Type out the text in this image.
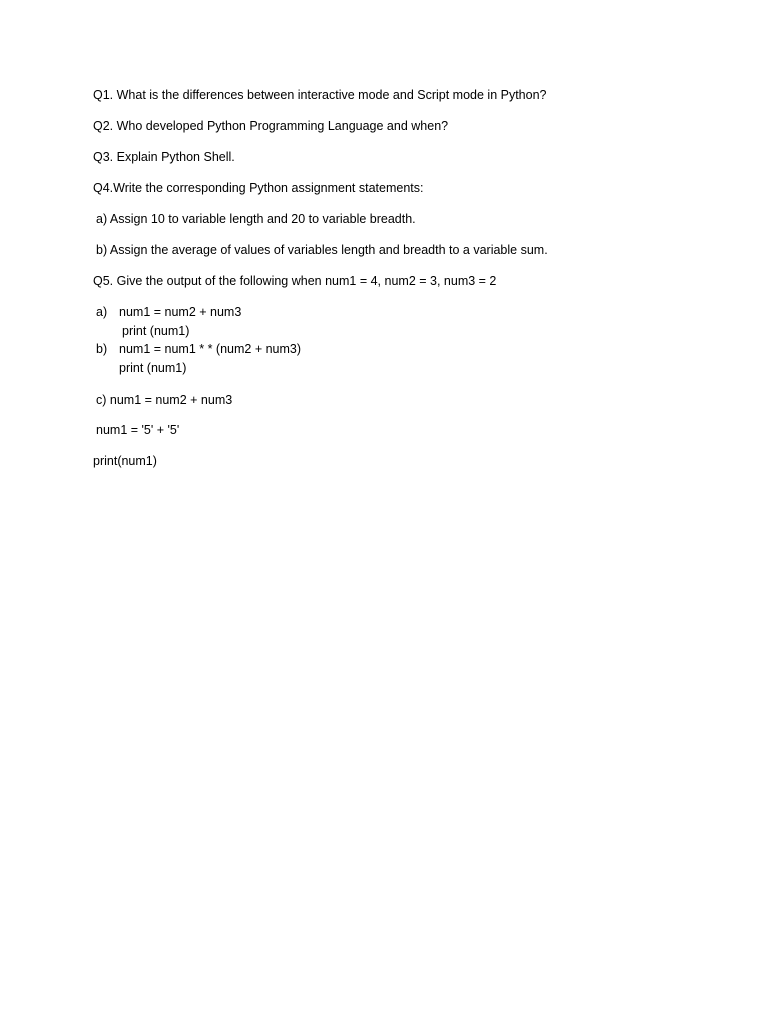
Q1. What is the differences between interactive mode and Script mode in Python?
Q2. Who developed Python Programming Language and when?
Q3. Explain Python Shell.
Q4.Write the corresponding Python assignment statements:
a) Assign 10 to variable length and 20 to variable breadth.
b) Assign the average of values of variables length and breadth to a variable sum.
Q5. Give the output of the following when num1 = 4, num2 = 3, num3 = 2
a) num1 = num2 + num3
print (num1)
b) num1 = num1 * * (num2 + num3)
print (num1)
c) num1 = num2 + num3
num1 = '5' + '5'
print(num1)
